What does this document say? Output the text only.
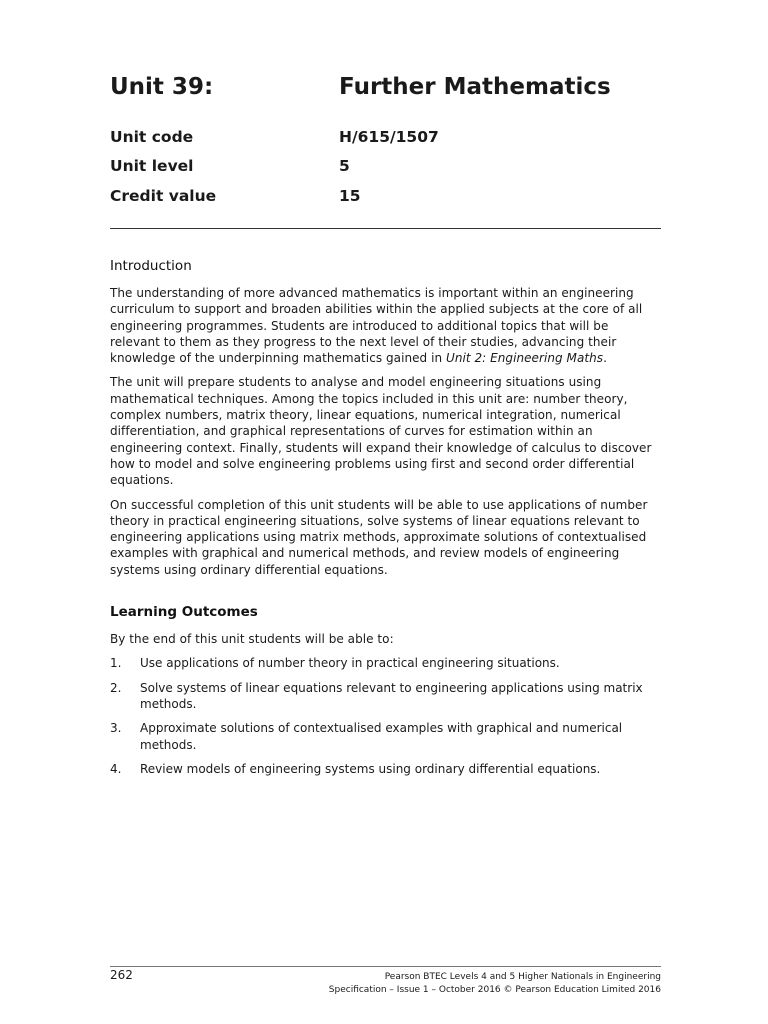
Unit 39:	Further Mathematics
Unit code	H/615/1507
Unit level	5
Credit value	15
Introduction

The understanding of more advanced mathematics is important within an engineering curriculum to support and broaden abilities within the applied subjects at the core of all engineering programmes. Students are introduced to additional topics that will be relevant to them as they progress to the next level of their studies, advancing their knowledge of the underpinning mathematics gained in Unit 2: Engineering Maths.

The unit will prepare students to analyse and model engineering situations using mathematical techniques. Among the topics included in this unit are: number theory, complex numbers, matrix theory, linear equations, numerical integration, numerical differentiation, and graphical representations of curves for estimation within an engineering context. Finally, students will expand their knowledge of calculus to discover how to model and solve engineering problems using first and second order differential equations.

On successful completion of this unit students will be able to use applications of number theory in practical engineering situations, solve systems of linear equations relevant to engineering applications using matrix methods, approximate solutions of contextualised examples with graphical and numerical methods, and review models of engineering systems using ordinary differential equations.

Learning Outcomes

By the end of this unit students will be able to:

1. Use applications of number theory in practical engineering situations.
2. Solve systems of linear equations relevant to engineering applications using matrix methods.
3. Approximate solutions of contextualised examples with graphical and numerical methods.
4. Review models of engineering systems using ordinary differential equations.
262	Pearson BTEC Levels 4 and 5 Higher Nationals in Engineering
Specification – Issue 1 – October 2016 © Pearson Education Limited 2016
